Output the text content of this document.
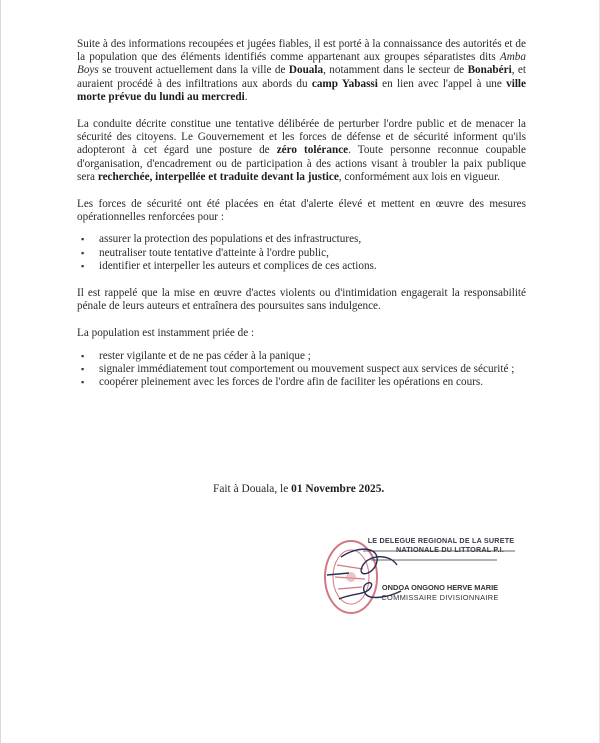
Suite à des informations recoupées et jugées fiables, il est porté à la connaissance des autorités et de la population que des éléments identifiés comme appartenant aux groupes séparatistes dits Amba Boys se trouvent actuellement dans la ville de Douala, notamment dans le secteur de Bonabéri, et auraient procédé à des infiltrations aux abords du camp Yabassi en lien avec l'appel à une ville morte prévue du lundi au mercredi.

La conduite décrite constitue une tentative délibérée de perturber l'ordre public et de menacer la sécurité des citoyens. Le Gouvernement et les forces de défense et de sécurité informent qu'ils adopteront à cet égard une posture de zéro tolérance. Toute personne reconnue coupable d'organisation, d'encadrement ou de participation à des actions visant à troubler la paix publique sera recherchée, interpellée et traduite devant la justice, conformément aux lois en vigueur.

Les forces de sécurité ont été placées en état d'alerte élevé et mettent en œuvre des mesures opérationnelles renforcées pour :

▪ assurer la protection des populations et des infrastructures,
▪ neutraliser toute tentative d'atteinte à l'ordre public,
▪ identifier et interpeller les auteurs et complices de ces actions.

Il est rappelé que la mise en œuvre d'actes violents ou d'intimidation engagerait la responsabilité pénale de leurs auteurs et entraînera des poursuites sans indulgence.

La population est instamment priée de :

▪ rester vigilante et de ne pas céder à la panique ;
▪ signaler immédiatement tout comportement ou mouvement suspect aux services de sécurité ;
▪ coopérer pleinement avec les forces de l'ordre afin de faciliter les opérations en cours.
Fait à Douala, le 01 Novembre 2025.
LE DELEGUE REGIONAL DE LA SURETE
NATIONALE DU LITTORAL P.I.
ONDOA ONGONO HERVE MARIE
COMMISSAIRE DIVISIONNAIRE
